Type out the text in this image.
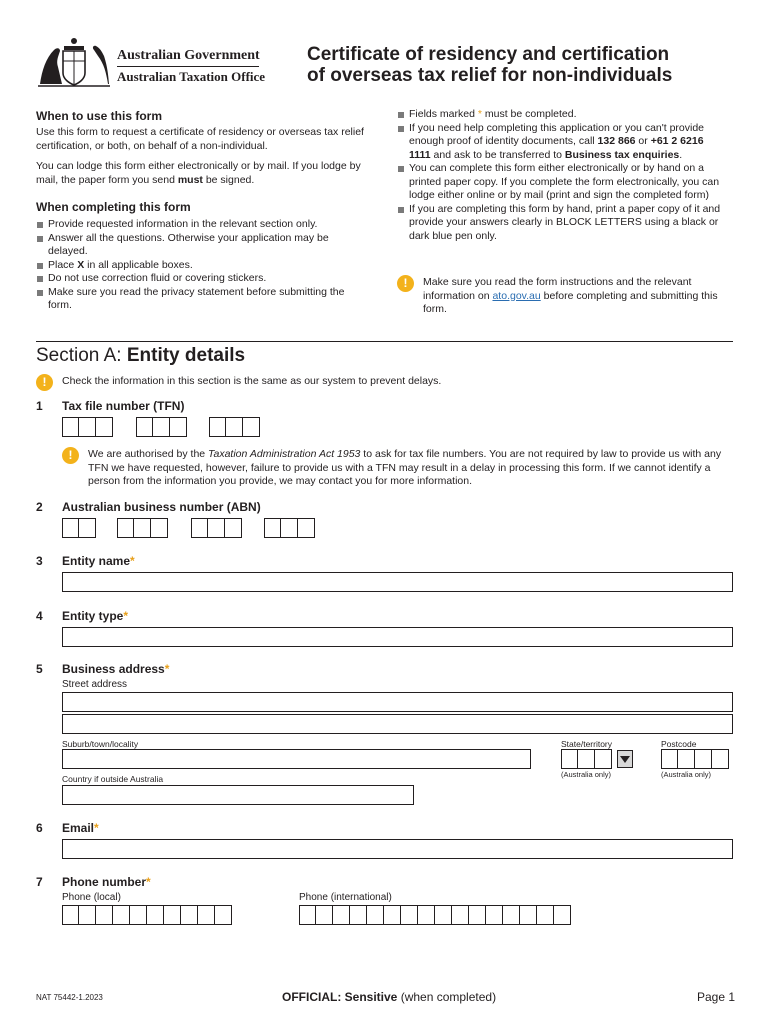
Australian Government
Australian Taxation Office
Certificate of residency and certification
of overseas tax relief for non-individuals
When to use this form
Use this form to request a certificate of residency or overseas tax relief certification, or both, on behalf of a non-individual.
You can lodge this form either electronically or by mail. If you lodge by mail, the paper form you send must be signed.
When completing this form
Provide requested information in the relevant section only.
Answer all the questions. Otherwise your application may be delayed.
Place X in all applicable boxes.
Do not use correction fluid or covering stickers.
Make sure you read the privacy statement before submitting the form.
Fields marked * must be completed.
If you need help completing this application or you can't provide enough proof of identity documents, call 132 866 or +61 2 6216 1111 and ask to be transferred to Business tax enquiries.
You can complete this form either electronically or by hand on a printed paper copy. If you complete the form electronically, you can lodge either online or by mail (print and sign the completed form)
If you are completing this form by hand, print a paper copy of it and provide your answers clearly in BLOCK LETTERS using a black or dark blue pen only.
!	Make sure you read the form instructions and the relevant information on ato.gov.au before completing and submitting this form.
Section A: Entity details
!	Check the information in this section is the same as our system to prevent delays.
1 Tax file number (TFN)
!	We are authorised by the Taxation Administration Act 1953 to ask for tax file numbers. You are not required by law to provide us with any TFN we have requested, however, failure to provide us with a TFN may result in a delay in processing this form. If we cannot identify a person from the information you provide, we may contact you for more information.
2 Australian business number (ABN)
3 Entity name*
4 Entity type*
5 Business address*
Street address
Suburb/town/locality	State/territory
(Australia only)
Postcode
(Australia only)
Country if outside Australia
6 Email*
7 Phone number*
Phone (local)	Phone (international)
NAT 75442-1.2023	OFFICIAL: Sensitive (when completed)	Page 1
